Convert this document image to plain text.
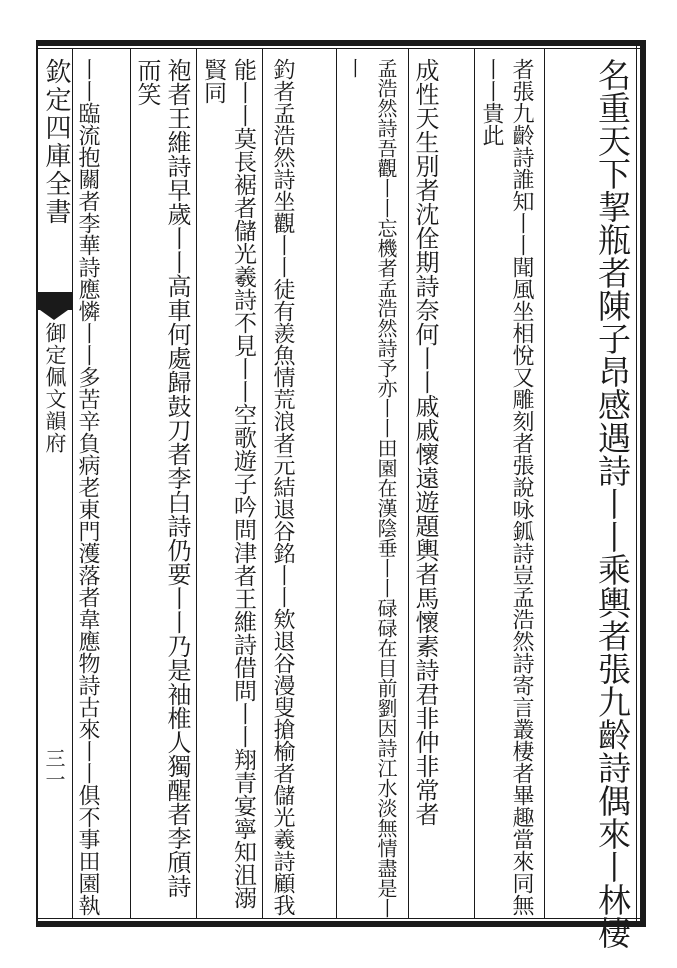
欽定四庫全書
御定佩文韻府
三一	名重天下挈瓶者陳子昂感遇詩丨丨乘輿者張九齡詩偶來丨林棲
者張九齡詩誰知丨丨聞風坐相悅又雕刻者張說咏鈲詩豈孟浩然詩寄言叢棲者畢趣當來同無丨丨貴此
成性天生別者沈佺期詩奈何丨丨戚戚懷遠遊題輿者馬懷素詩君非仲非常者
孟浩然詩吾觀丨丨忘機者孟浩然詩予亦丨丨田園在漢陰垂丨丨碌碌在目前劉因詩江水淡無情盡是丨丨
釣者孟浩然詩坐觀丨丨徒有羨魚情荒浪者元結退谷銘丨丨欸退谷漫叟搶榆者儲光羲詩顧我
能丨丨莫長裾者儲光羲詩不見丨丨空歌遊子吟問津者王維詩借問丨丨翔青宴寧知沮溺賢同
袍者王維詩早歲丨丨高車何處歸鼓刀者李白詩仍要丨丨乃是袖椎人獨醒者李頎詩而笑
丨丨臨流抱關者李華詩應憐丨丨多苦辛負病老東門濩落者韋應物詩古來丨丨俱不事田園執
